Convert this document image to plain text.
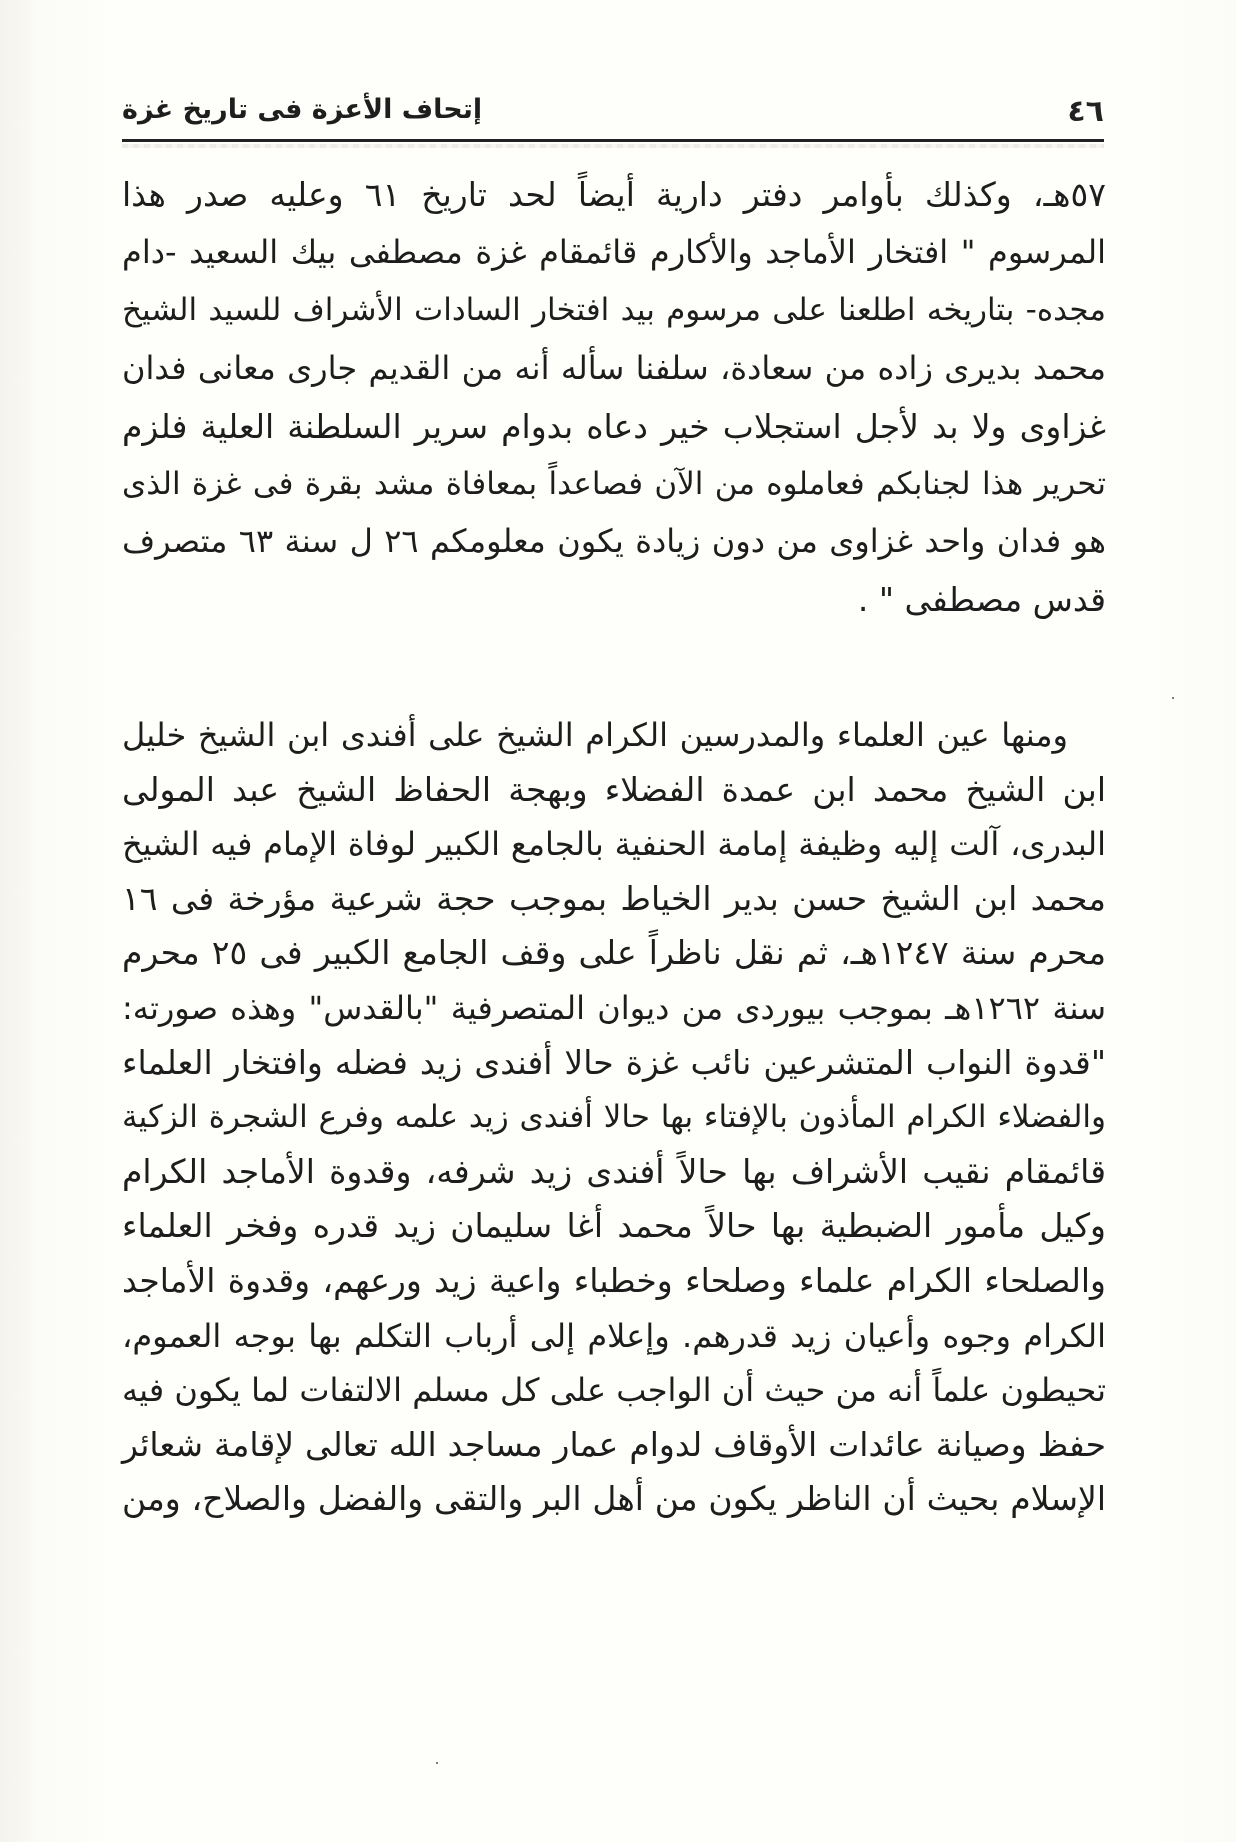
٤٦
إتحاف الأعزة فى تاريخ غزة

٥٧هـ، وكذلك بأوامر دفتر دارية أيضاً لحد تاريخ ٦١ وعليه صدر هذا
المرسوم " افتخار الأماجد والأكارم قائمقام غزة مصطفى بيك السعيد -دام
مجده- بتاريخه اطلعنا على مرسوم بيد افتخار السادات الأشراف للسيد الشيخ
محمد بديرى زاده من سعادة، سلفنا سأله أنه من القديم جارى معانى فدان
غزاوى ولا بد لأجل استجلاب خير دعاه بدوام سرير السلطنة العلية فلزم
تحرير هذا لجنابكم فعاملوه من الآن فصاعداً بمعافاة مشد بقرة فى غزة الذى
هو فدان واحد غزاوى من دون زيادة يكون معلومكم ٢٦ ل سنة ٦٣ متصرف
قدس مصطفى " .

ومنها عين العلماء والمدرسين الكرام الشيخ على أفندى ابن الشيخ خليل
ابن الشيخ محمد ابن عمدة الفضلاء وبهجة الحفاظ الشيخ عبد المولى
البدرى، آلت إليه وظيفة إمامة الحنفية بالجامع الكبير لوفاة الإمام فيه الشيخ
محمد ابن الشيخ حسن بدير الخياط بموجب حجة شرعية مؤرخة فى ١٦
محرم سنة ١٢٤٧هـ، ثم نقل ناظراً على وقف الجامع الكبير فى ٢٥ محرم
سنة ١٢٦٢هـ بموجب بيوردى من ديوان المتصرفية "بالقدس" وهذه صورته:
"قدوة النواب المتشرعين نائب غزة حالا أفندى زيد فضله وافتخار العلماء
والفضلاء الكرام المأذون بالإفتاء بها حالا أفندى زيد علمه وفرع الشجرة الزكية
قائمقام نقيب الأشراف بها حالاً أفندى زيد شرفه، وقدوة الأماجد الكرام
وكيل مأمور الضبطية بها حالاً محمد أغا سليمان زيد قدره وفخر العلماء
والصلحاء الكرام علماء وصلحاء وخطباء واعية زيد ورعهم، وقدوة الأماجد
الكرام وجوه وأعيان زيد قدرهم. وإعلام إلى أرباب التكلم بها بوجه العموم،
تحيطون علماً أنه من حيث أن الواجب على كل مسلم الالتفات لما يكون فيه
حفظ وصيانة عائدات الأوقاف لدوام عمار مساجد الله تعالى لإقامة شعائر
الإسلام بحيث أن الناظر يكون من أهل البر والتقى والفضل والصلاح، ومن
